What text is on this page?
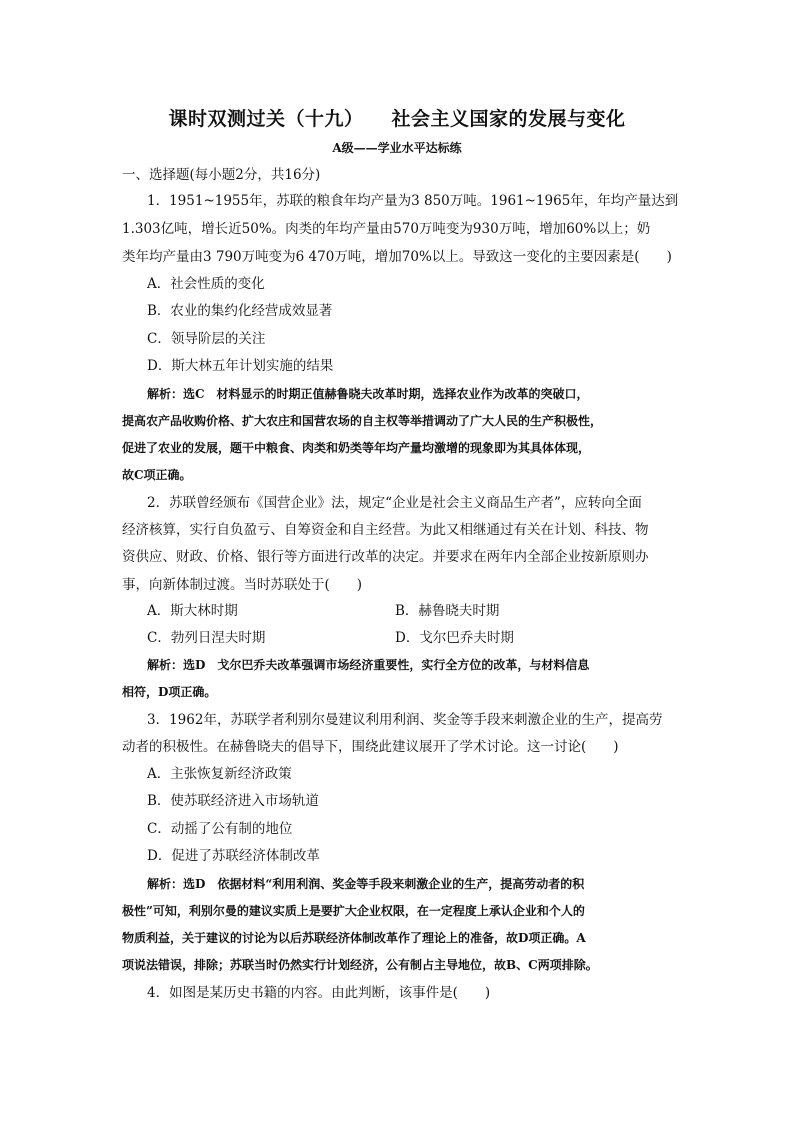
课时双测过关（十九） 社会主义国家的发展与变化
A级——学业水平达标练
一、选择题(每小题2分，共16分)
1．1951~1955年，苏联的粮食年均产量为3 850万吨。1961~1965年，年均产量达到
1.303亿吨，增长近50%。肉类的年均产量由570万吨变为930万吨，增加60%以上；奶
类年均产量由3 790万吨变为6 470万吨，增加70%以上。导致这一变化的主要因素是(　　)
A．社会性质的变化
B．农业的集约化经营成效显著
C．领导阶层的关注
D．斯大林五年计划实施的结果
解析：选C　材料显示的时期正值赫鲁晓夫改革时期，选择农业作为改革的突破口，
提高农产品收购价格、扩大农庄和国营农场的自主权等举措调动了广大人民的生产积极性，
促进了农业的发展，题干中粮食、肉类和奶类等年均产量均激增的现象即为其具体体现，
故C项正确。
2．苏联曾经颁布《国营企业》法，规定“企业是社会主义商品生产者”，应转向全面
经济核算，实行自负盈亏、自筹资金和自主经营。为此又相继通过有关在计划、科技、物
资供应、财政、价格、银行等方面进行改革的决定。并要求在两年内全部企业按新原则办
事，向新体制过渡。当时苏联处于(　　)
A．斯大林时期	B．赫鲁晓夫时期
C．勃列日涅夫时期	D．戈尔巴乔夫时期
解析：选D　戈尔巴乔夫改革强调市场经济重要性，实行全方位的改革，与材料信息
相符，D项正确。
3．1962年，苏联学者利别尔曼建议利用利润、奖金等手段来刺激企业的生产，提高劳
动者的积极性。在赫鲁晓夫的倡导下，围绕此建议展开了学术讨论。这一讨论(　　)
A．主张恢复新经济政策
B．使苏联经济进入市场轨道
C．动摇了公有制的地位
D．促进了苏联经济体制改革
解析：选D　依据材料“利用利润、奖金等手段来刺激企业的生产，提高劳动者的积
极性”可知，利别尔曼的建议实质上是要扩大企业权限，在一定程度上承认企业和个人的
物质利益，关于建议的讨论为以后苏联经济体制改革作了理论上的准备，故D项正确。A
项说法错误，排除；苏联当时仍然实行计划经济，公有制占主导地位，故B、C两项排除。
4．如图是某历史书籍的内容。由此判断，该事件是(　　)
